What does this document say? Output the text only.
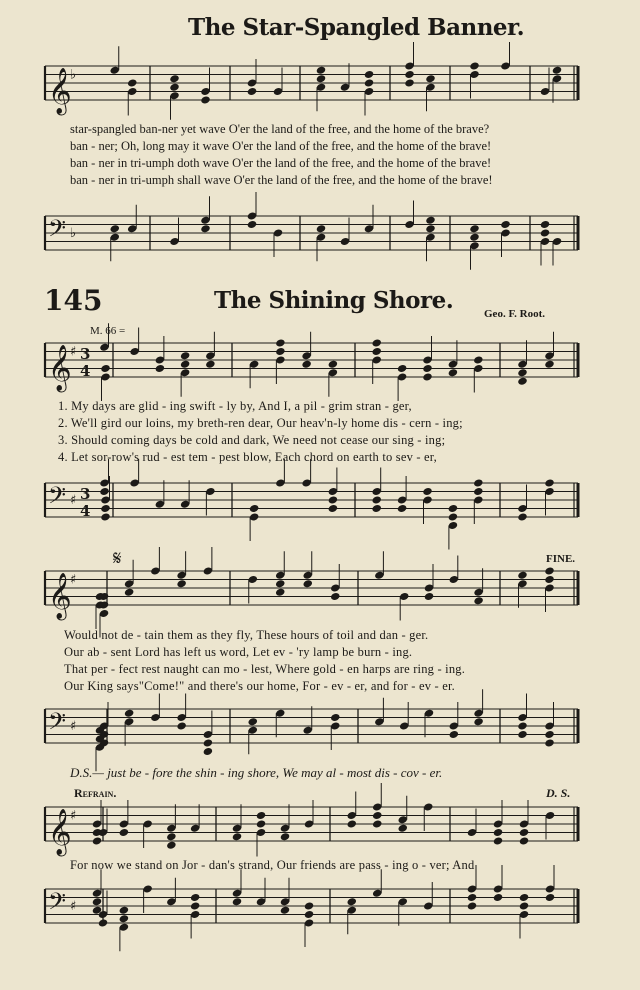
The Star-Spangled Banner.
𝄞
♭
star-spangled ban-ner yet wave O'er the land of the free, and the home of the brave?
ban - ner; Oh, long may it wave O'er the land of the free, and the home of the brave!
ban - ner in tri-umph doth wave O'er the land of the free, and the home of the brave!
ban - ner in tri-umph shall wave O'er the land of the free, and the home of the brave!
𝄢 ♭
145	The Shining Shore.	Geo. F. Root.
M. 66 =
𝄞
♯ 3
4
1. My days are glid - ing swift - ly by, And I, a pil - grim stran - ger,
2. We'll gird our loins, my breth-ren dear, Our heav'n-ly home dis - cern - ing;
3. Should coming days be cold and dark, We need not cease our sing - ing;
4. Let sor-row's rud - est tem - pest blow, Each chord on earth to sev - er,
𝄢 ♯ 3
4
𝄋	FINE.
𝄞
♯
Would not de - tain them as they fly, These hours of toil and dan - ger.
Our ab - sent Lord has left us word, Let ev - 'ry lamp be burn - ing.
That per - fect rest naught can mo - lest, Where gold - en harps are ring - ing.
Our King says"Come!" and there's our home, For - ev - er, and for - ev - er.
𝄢 ♯
D.S.— just be - fore the shin - ing shore, We may al - most dis - cov - er.
Refrain.	D. S.
𝄞
♯
For now we stand on Jor - dan's strand, Our friends are pass - ing o - ver; And
𝄢 ♯
